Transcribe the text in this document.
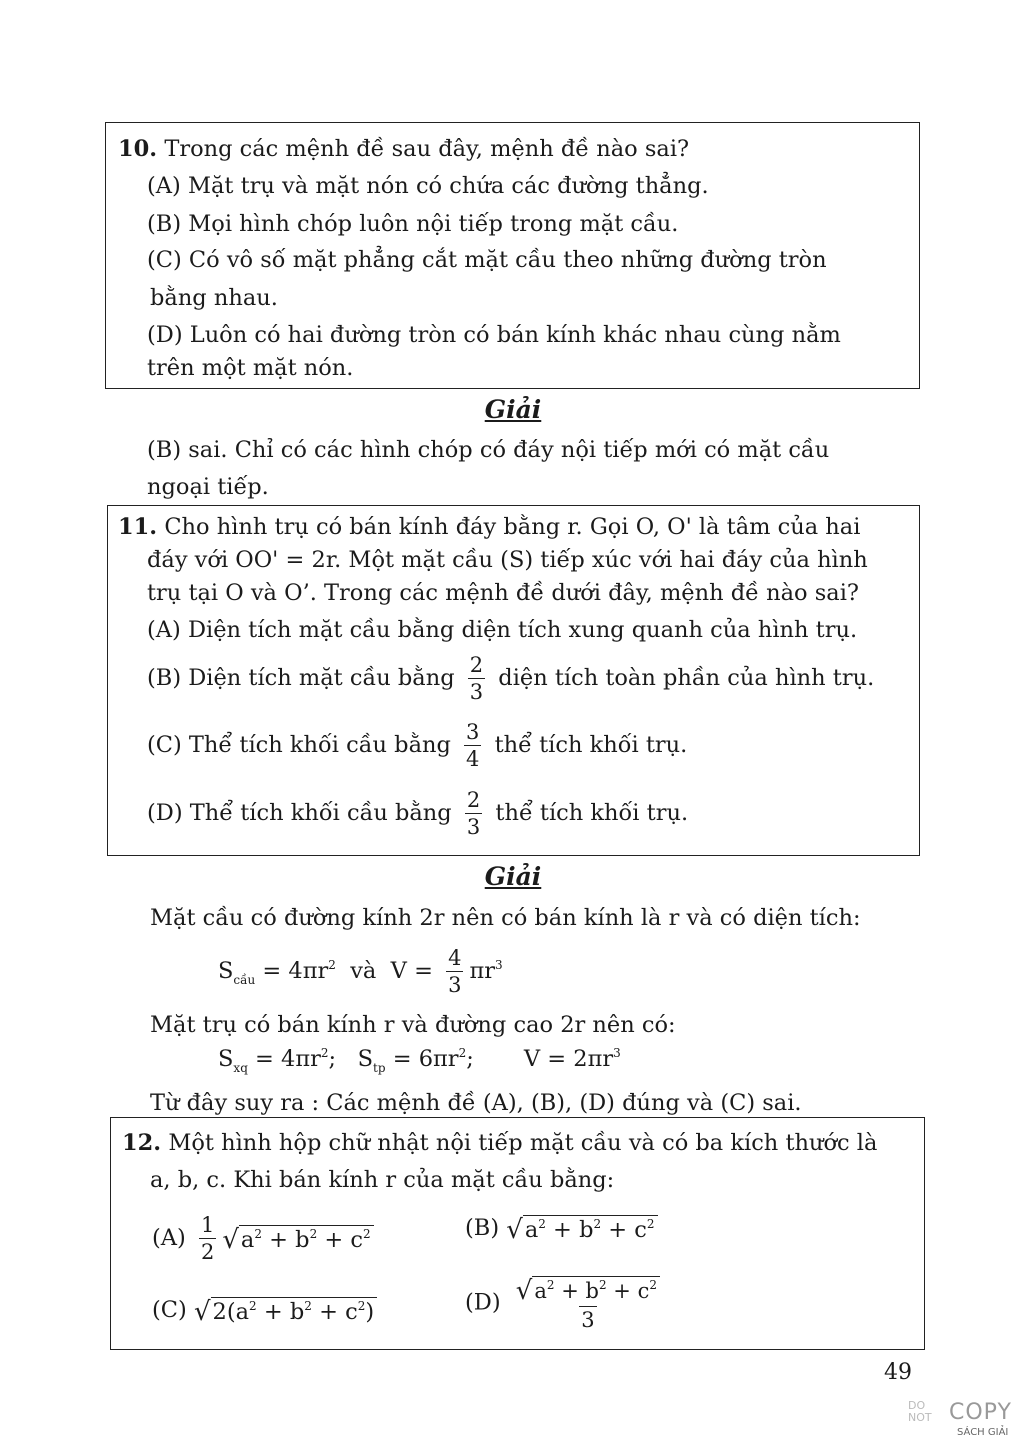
10. Trong các mệnh đề sau đây, mệnh đề nào sai?
(A) Mặt trụ và mặt nón có chứa các đường thẳng.
(B) Mọi hình chóp luôn nội tiếp trong mặt cầu.
(C) Có vô số mặt phẳng cắt mặt cầu theo những đường tròn
bằng nhau.
(D) Luôn có hai đường tròn có bán kính khác nhau cùng nằm
trên một mặt nón.
Giải
(B) sai. Chỉ có các hình chóp có đáy nội tiếp mới có mặt cầu
ngoại tiếp.
11. Cho hình trụ có bán kính đáy bằng r. Gọi O, O' là tâm của hai
đáy với OO' = 2r. Một mặt cầu (S) tiếp xúc với hai đáy của hình
trụ tại O và O’. Trong các mệnh đề dưới đây, mệnh đề nào sai?
(A) Diện tích mặt cầu bằng diện tích xung quanh của hình trụ.
(B) Diện tích mặt cầu bằng $\frac{2}{3}$ diện tích toàn phần của hình trụ.
(C) Thể tích khối cầu bằng $\frac{3}{4}$ thể tích khối trụ.
(D) Thể tích khối cầu bằng $\frac{2}{3}$ thể tích khối trụ.
Giải
Mặt cầu có đường kính 2r nên có bán kính là r và có diện tích:
$S_{cầu} = 4\pi r^2$ và $V = \frac{4}{3} \pi r^3$
Mặt trụ có bán kính r và đường cao 2r nên có:
$S_{xq} = 4\pi r^2$; $S_{tp} = 6\pi r^2$; $V = 2\pi r^3$
Từ đây suy ra : Các mệnh đề (A), (B), (D) đúng và (C) sai.
12. Một hình hộp chữ nhật nội tiếp mặt cầu và có ba kích thước là
a, b, c. Khi bán kính r của mặt cầu bằng:
$(A) \frac{1}{2}$ √ $a^2 + b^2 + c^2$	(B) √ $a^2 + b^2 + c^2$
(C) √ $2(a^2 + b^2 + c^2)$	$(D) \frac{√ a^2 + b^2 + c^2}{3}$
49
DO
NOT COPY
SÁCH GIẢI
